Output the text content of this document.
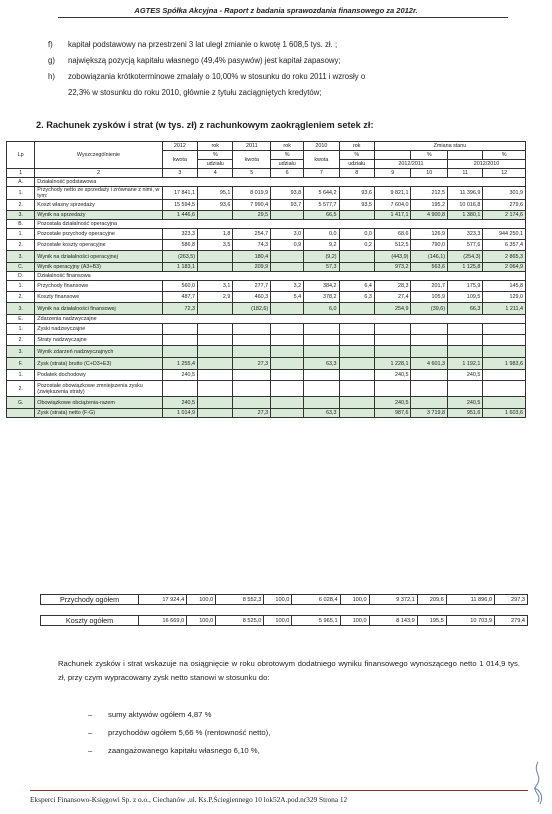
AGTES Spółka Akcyjna - Raport z badania sprawozdania finansowego za 2012r.
f) kapitał podstawowy na przestrzeni 3 lat uległ zmianie o kwotę 1 608,5 tys. zł. ;
g) największą pozycją kapitału własnego (49,4% pasywów) jest kapitał zapasowy;
h) zobowiązania krótkoterminowe zmalały o 10,00% w stosunku do roku 2011 i wzrosły o
22,3% w stosunku do roku 2010, głównie z tytułu zaciągniętych kredytów;
2. Rachunek zysków i strat (w tys. zł) z rachunkowym zaokrągleniem setek zł:
Lp	Wyszczególnienie	2012	rok	2011	rok	2010	rok	Zmiana stanu			
		kwota	%	kwota	%	kwota	%		%		%
			udziału		udziału		udziału	2012/2011		2012/2010	
1	2	3	4	5	6	7	8	9	10	11	12
A.	Działalność podstawowa										
1.	Przychody netto ze sprzedaży i zrównane z nimi, w tym:	17 841,1	95,1	8 019,9	93,8	5 644,2	93,6	9 821,1	212,5	11 396,9	301,9
2.	Koszt własny sprzedaży	15 594,5	93,6	7 990,4	93,7	5 577,7	93,5	7 604,0	195,2	10 016,8	279,6
3.	Wynik na sprzedaży	1 446,6		29,5		66,5		1 417,1	4 900,8	1 380,1	2 174,6
B.	Pozostała działalność operacyjna										
1.	Pozostałe przychody operacyjne	323,3	1,8	254,7	3,0	0,0	0,0	68,6	126,9	323,3	944 250,1
2.	Pozostałe koszty operacyjne	586,8	3,5	74,3	0,9	9,2	0,2	512,5	790,0	577,6	6 357,4
3.	Wynik na działalności operacyjnej	(263,5)		180,4		(9,2)		(443,9)	(146,1)	(254,3)	2 865,3
C.	Wynik operacyjny (A3+B3)	1 183,1		209,9		57,3		973,2	563,6	1 125,8	2 064,9
D.	Działalność finansowa										
1.	Przychody finansowe	560,0	3,1	277,7	3,2	384,2	6,4	28,3	201,7	175,9	145,8
2.	Koszty finansowe	487,7	2,9	460,3	5,4	378,2	6,3	27,4	105,9	109,5	129,0
3.	Wynik na działalności finansowej	72,3		(182,6)		6,0		254,9	(39,6)	66,3	1 211,4
E.	Zdarzenia nadzwyczajne										
1.	Zyski nadzwyczajne										
2.	Straty nadzwyczajne										
3.	Wynik zdarzeń nadzwyczajnych										
F.	Zysk (strata) brutto (C+D3+E3)	1 255,4		27,3		63,3		1 228,1	4 601,3	1 192,1	1 983,6
1.	Podatek dochodowy	240,5						240,5		240,5	
2.	Pozostałe obowiązkowe zmniejszenia zysku (zwiększenia straty)										
G.	Obowiązkowe obciążenia-razem	240,5						240,5		240,5	
	Zysk (strata) netto (F-G)	1 014,9		27,3		63,3		987,6	3 719,8	951,6	1 603,6
Przychody ogółem	17 924,4	100,0	8 552,3	100,0	6 028,4	100,0	9 372,1	209,6	11 896,0	297,3
Koszty ogółem	16 669,0	100,0	8 525,0	100,0	5 965,1	100,0	8 143,9	195,5	10 703,9	279,4
Rachunek zysków i strat wskazuje na osiągnięcie w roku obrotowym dodatniego wyniku finansowego wynoszącego netto 1 014,9 tys. zł, przy czym wypracowany zysk netto stanowi w stosunku do:
– sumy aktywów ogółem 4,87 %
– przychodów ogółem 5,66 % (rentowność netto),
– zaangażowanego kapitału własnego 6,10 %,
Eksperci Finansowo-Księgowi Sp. z o.o., Ciechanów ,ul. Ks.P.Ściegiennego 10 lok52A.pod.nr329 Strona 12
